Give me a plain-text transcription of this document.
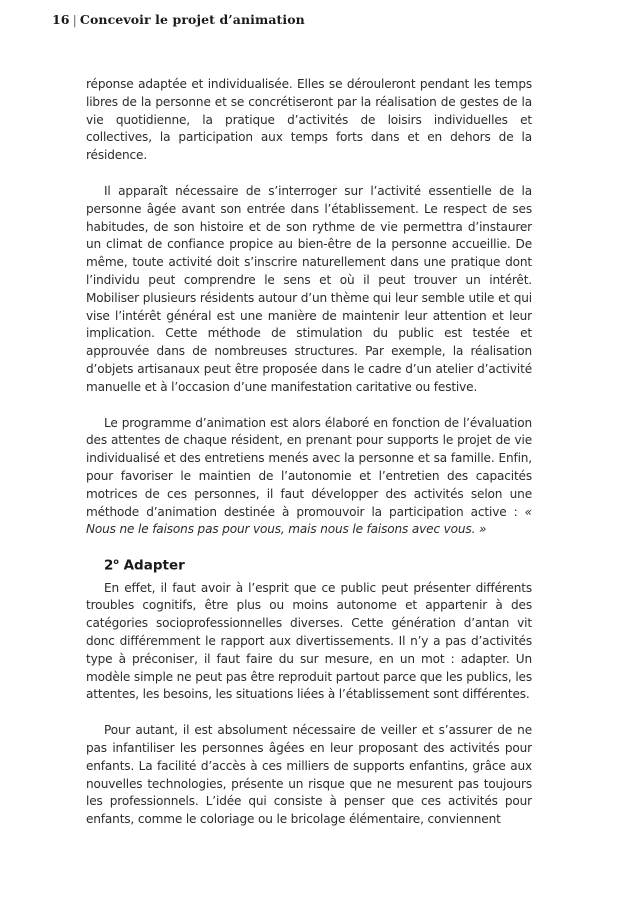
16 | Concevoir le projet d’animation

réponse adaptée et individualisée. Elles se dérouleront pendant les temps libres de la personne et se concrétiseront par la réalisation de gestes de la vie quotidienne, la pratique d’activités de loisirs individuelles et collectives, la participation aux temps forts dans et en dehors de la résidence.

Il apparaît nécessaire de s’interroger sur l’activité essentielle de la personne âgée avant son entrée dans l’établissement. Le respect de ses habitudes, de son histoire et de son rythme de vie permettra d’instaurer un climat de confiance propice au bien-être de la personne accueillie. De même, toute activité doit s’inscrire naturellement dans une pratique dont l’individu peut comprendre le sens et où il peut trouver un intérêt. Mobiliser plusieurs résidents autour d’un thème qui leur semble utile et qui vise l’intérêt général est une manière de maintenir leur attention et leur implication. Cette méthode de stimulation du public est testée et approuvée dans de nombreuses structures. Par exemple, la réalisation d’objets artisanaux peut être proposée dans le cadre d’un atelier d’activité manuelle et à l’occasion d’une manifestation caritative ou festive.

Le programme d’animation est alors élaboré en fonction de l’évaluation des attentes de chaque résident, en prenant pour supports le projet de vie individualisé et des entretiens menés avec la personne et sa famille. Enfin, pour favoriser le maintien de l’autonomie et l’entretien des capacités motrices de ces personnes, il faut développer des activités selon une méthode d’animation destinée à promouvoir la participation active : « Nous ne le faisons pas pour vous, mais nous le faisons avec vous. »

2$^o$ Adapter

En effet, il faut avoir à l’esprit que ce public peut présenter différents troubles cognitifs, être plus ou moins autonome et appartenir à des catégories socioprofessionnelles diverses. Cette génération d’antan vit donc différemment le rapport aux divertissements. Il n’y a pas d’activités type à préconiser, il faut faire du sur mesure, en un mot : adapter. Un modèle simple ne peut pas être reproduit partout parce que les publics, les attentes, les besoins, les situations liées à l’établissement sont différentes.

Pour autant, il est absolument nécessaire de veiller et s’assurer de ne pas infantiliser les personnes âgées en leur proposant des activités pour enfants. La facilité d’accès à ces milliers de supports enfantins, grâce aux nouvelles technologies, présente un risque que ne mesurent pas toujours les professionnels. L’idée qui consiste à penser que ces activités pour enfants, comme le coloriage ou le bricolage élémentaire, conviennent
